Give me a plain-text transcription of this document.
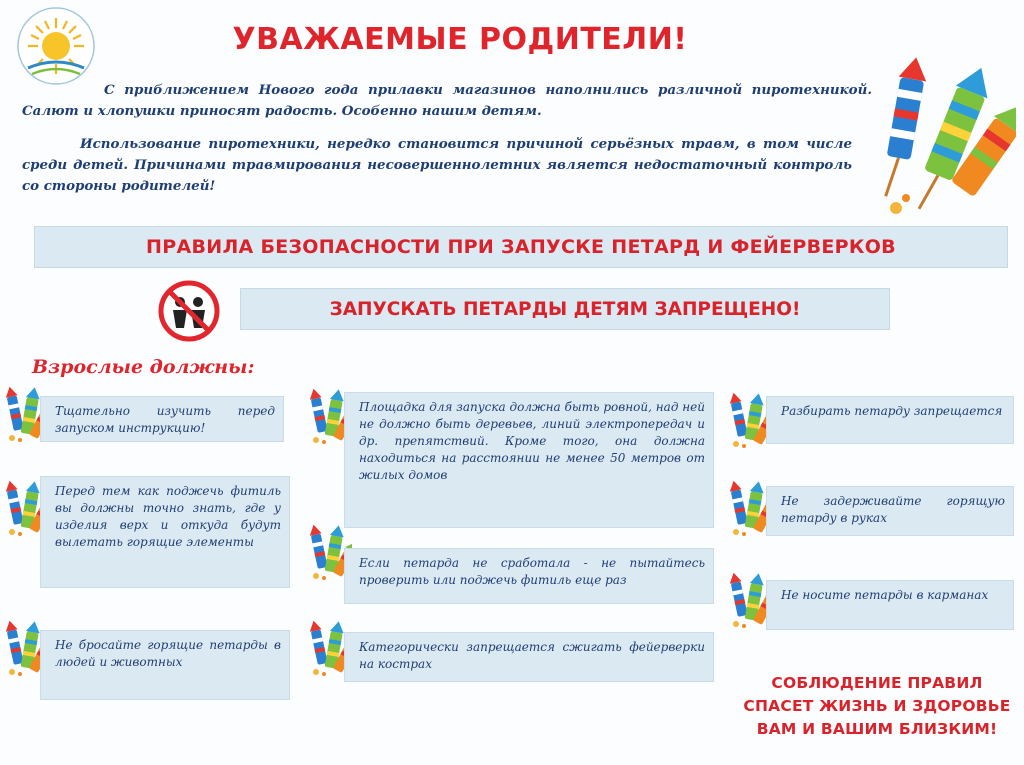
УВАЖАЕМЫЕ РОДИТЕЛИ!
С приближением Нового года прилавки магазинов наполнились различной пиротехникой. Салют и хлопушки приносят радость. Особенно нашим детям.
Использование пиротехники, нередко становится причиной серьёзных травм, в том числе среди детей. Причинами травмирования несовершеннолетних является недостаточный контроль со стороны родителей!
ПРАВИЛА БЕЗОПАСНОСТИ ПРИ ЗАПУСКЕ ПЕТАРД И ФЕЙЕРВЕРКОВ
ЗАПУСКАТЬ ПЕТАРДЫ ДЕТЯМ ЗАПРЕЩЕНО!
Взрослые должны:
Тщательно изучить перед запуском инструкцию!
Перед тем как поджечь фитиль вы должны точно знать, где у изделия верх и откуда будут вылетать горящие элементы
Не бросайте горящие петарды в людей и животных
Площадка для запуска должна быть ровной, над ней не должно быть деревьев, линий электропередач и др. препятствий. Кроме того, она должна находиться на расстоянии не менее 50 метров от жилых домов
Если петарда не сработала - не пытайтесь проверить или поджечь фитиль еще раз
Категорически запрещается сжигать фейерверки на кострах
Разбирать петарду запрещается
Не задерживайте горящую петарду в руках
Не носите петарды в карманах
СОБЛЮДЕНИЕ ПРАВИЛ СПАСЕТ ЖИЗНЬ И ЗДОРОВЬЕ ВАМ И ВАШИМ БЛИЗКИМ!
